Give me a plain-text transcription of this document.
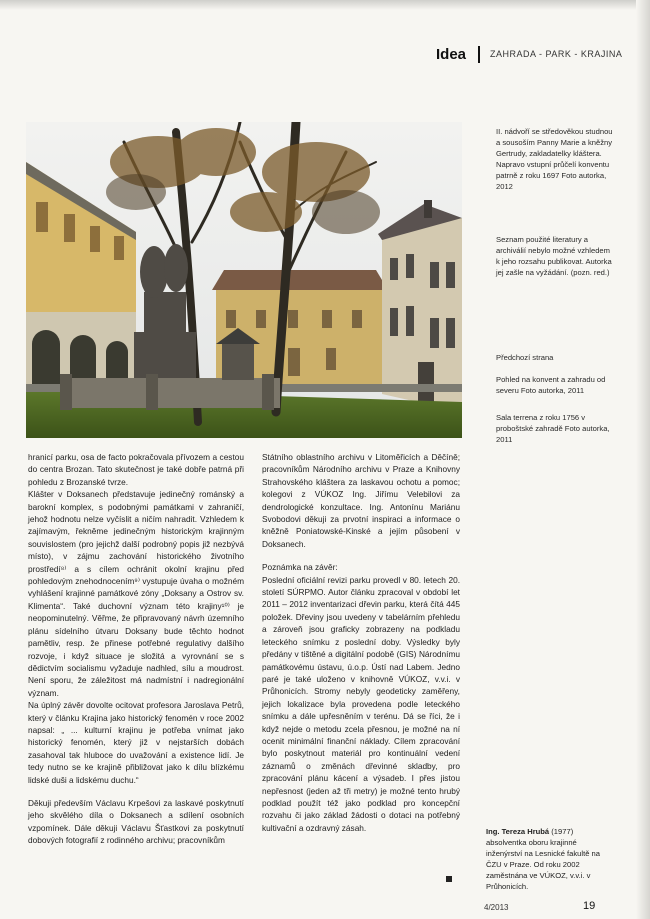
Idea	ZAHRADA - PARK - KRAJINA

II. nádvoří se středověkou studnou a sousoším Panny Marie a kněžny Gertrudy, zakladatelky kláštera. Napravo vstupní průčelí konventu patrně z roku 1697 Foto autorka, 2012

Seznam použité literatury a archiválií nebylo možné vzhledem k jeho rozsahu publikovat. Autorka jej zašle na vyžádání. (pozn. red.)

Předchozí strana

Pohled na konvent a zahradu od severu Foto autorka, 2011

Sala terrena z roku 1756 v proboštské zahradě Foto autorka, 2011

hranicí parku, osa de facto pokračovala přívozem a cestou do centra Brozan. Tato skutečnost je také dobře patrná při pohledu z Brozanské tvrze.

Klášter v Doksanech představuje jedinečný románský a barokní komplex, s podobnými památkami v zahraničí, jehož hodnotu nelze vyčíslit a ničím nahradit. Vzhledem k zajímavým, řekněme jedinečným historickým krajinným souvislostem (pro jejichž další podrobný popis již nezbývá místo), v zájmu zachování historického životního prostředí⁸⁾ a s cílem ochránit okolní krajinu před pohledovým znehodnocením⁹⁾ vystupuje úvaha o možném vyhlášení krajinné památkové zóny „Doksany a Ostrov sv. Klimenta“. Také duchovní význam této krajiny¹⁰⁾ je neopominutelný. Věřme, že připravovaný návrh územního plánu sídelního útvaru Doksany bude těchto hodnot pamětliv, resp. že přinese potřebné regulativy dalšího rozvoje, i když situace je složitá a vyrovnání se s dědictvím socialismu vyžaduje nadhled, sílu a moudrost. Není sporu, že záležitost má nadmístní i nadregionální význam.

Na úplný závěr dovolte ocitovat profesora Jaroslava Petrů, který v článku Krajina jako historický fenomén v roce 2002 napsal: „ ... kulturní krajinu je potřeba vnímat jako historický fenomén, který již v nejstarších dobách zasahoval tak hluboce do uvažování a existence lidí. Je tedy nutno se ke krajině přibližovat jako k dílu blízkému lidské duši a lidskému duchu.“

Děkuji především Václavu Krpešovi za laskavé poskytnutí jeho skvělého díla o Doksanech a sdílení osobních vzpomínek. Dále děkuji Václavu Šťastkovi za poskytnutí dobových fotografií z rodinného archivu; pracovníkům

Státního oblastního archivu v Litoměřicích a Děčíně; pracovníkům Národního archivu v Praze a Knihovny Strahovského kláštera za laskavou ochotu a pomoc; kolegovi z VÚKOZ Ing. Jiřímu Velebilovi za dendrologické konzultace. Ing. Antonínu Mariánu Svobodovi děkuji za prvotní inspiraci a informace o kněžně Poniatowské-Kinské a jejím působení v Doksanech.

Poznámka na závěr:

Poslední oficiální revizi parku provedl v 80. letech 20. století SÚRPMO. Autor článku zpracoval v období let 2011 – 2012 inventarizaci dřevin parku, která čítá 445 položek. Dřeviny jsou uvedeny v tabelárním přehledu a zároveň jsou graficky zobrazeny na podkladu leteckého snímku z poslední doby. Výsledky byly předány v tištěné a digitální podobě (GIS) Národnímu památkovému ústavu, ú.o.p. Ústí nad Labem. Jedno paré je také uloženo v knihovně VÚKOZ, v.v.i. v Průhonicích. Stromy nebyly geodeticky zaměřeny, jejich lokalizace byla provedena podle leteckého snímku a dále upřesněním v terénu. Dá se říci, že i když nejde o metodu zcela přesnou, je možné na ní ocenit minimální finanční náklady. Cílem zpracování bylo poskytnout materiál pro kontinuální vedení záznamů o změnách dřevinné skladby, pro zpracování plánu kácení a výsadeb. I přes jistou nepřesnost (jeden až tři metry) je možné tento hrubý podklad použít též jako podklad pro koncepční rozvahu či jako základ žádosti o dotaci na potřebný kultivační a ozdravný zásah.	Ing. Tereza Hrubá (1977)
absolventka oboru krajinné inženýrství na Lesnické fakultě na ČZU v Praze. Od roku 2002 zaměstnána ve VÚKOZ, v.v.i. v Průhonicích.
4/2013	19
